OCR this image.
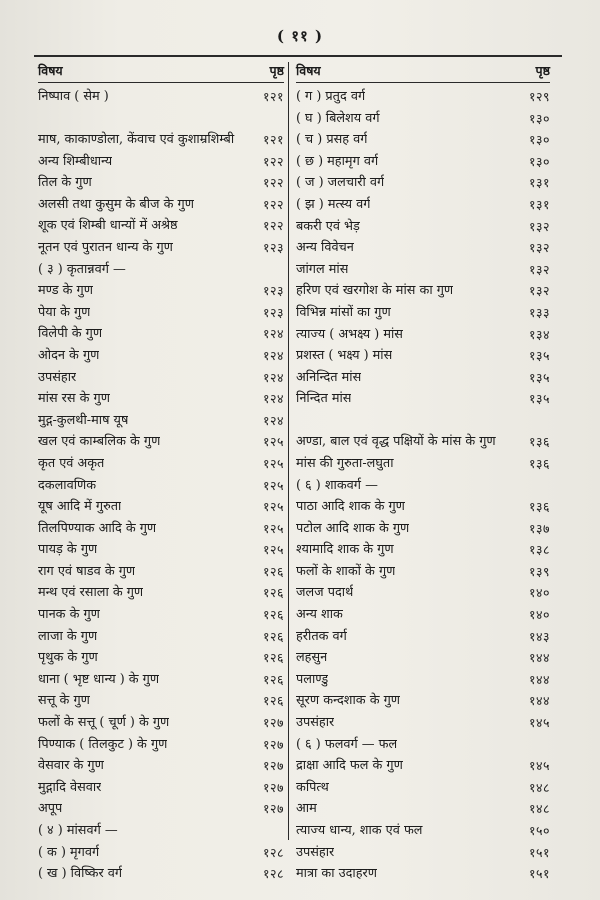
( ११ )
विषय	पृष्ठ
निष्पाव ( सेम )	१२१
माष, काकाण्डोला, केंवाच एवं कुशाम्रशिम्बी	१२१
अन्य शिम्बीधान्य	१२२
तिल के गुण	१२२
अलसी तथा कुसुम के बीज के गुण	१२२
शूक एवं शिम्बी धान्यों में अश्रेष्ठ	१२२
नूतन एवं पुरातन धान्य के गुण	१२३
( ३ ) कृतान्नवर्ग —
मण्ड के गुण	१२३
पेया के गुण	१२३
विलेपी के गुण	१२४
ओदन के गुण	१२४
उपसंहार	१२४
मांस रस के गुण	१२४
मुद्ग-कुलथी-माष यूष	१२४
खल एवं काम्बलिक के गुण	१२५
कृत एवं अकृत	१२५
दकलावणिक	१२५
यूष आदि में गुरुता	१२५
तिलपिण्याक आदि के गुण	१२५
पायड़ के गुण	१२५
राग एवं षाडव के गुण	१२६
मन्थ एवं रसाला के गुण	१२६
पानक के गुण	१२६
लाजा के गुण	१२६
पृथुक के गुण	१२६
धाना ( भृष्ट धान्य ) के गुण	१२६
सत्तू के गुण	१२६
फलों के सत्तू ( चूर्ण ) के गुण	१२७
पिण्याक ( तिलकुट ) के गुण	१२७
वेसवार के गुण	१२७
मुद्गादि वेसवार	१२७
अपूप	१२७
( ४ ) मांसवर्ग —
( क ) मृगवर्ग	१२८
( ख ) विष्किर वर्ग	१२८
विषय	पृष्ठ
( ग ) प्रतुद वर्ग	१२९
( घ ) बिलेशय वर्ग	१३०
( च ) प्रसह वर्ग	१३०
( छ ) महामृग वर्ग	१३०
( ज ) जलचारी वर्ग	१३१
( झ ) मत्स्य वर्ग	१३१
बकरी एवं भेड़	१३२
अन्य विवेचन	१३२
जांगल मांस	१३२
हरिण एवं खरगोश के मांस का गुण	१३२
विभिन्न मांसों का गुण	१३३
त्याज्य ( अभक्ष्य ) मांस	१३४
प्रशस्त ( भक्ष्य ) मांस	१३५
अनिन्दित मांस	१३५
निन्दित मांस	१३५
अण्डा, बाल एवं वृद्ध पक्षियों के मांस के गुण	१३६
मांस की गुरुता-लघुता	१३६
( ६ ) शाकवर्ग —
पाठा आदि शाक के गुण	१३६
पटोल आदि शाक के गुण	१३७
श्यामादि शाक के गुण	१३८
फलों के शाकों के गुण	१३९
जलज पदार्थ	१४०
अन्य शाक	१४०
हरीतक वर्ग	१४३
लहसुन	१४४
पलाण्डु	१४४
सूरण कन्दशाक के गुण	१४४
उपसंहार	१४५
( ६ ) फलवर्ग — फल
द्राक्षा आदि फल के गुण	१४५
कपित्थ	१४८
आम	१४८
त्याज्य धान्य, शाक एवं फल	१५०
उपसंहार	१५१
मात्रा का उदाहरण	१५१
